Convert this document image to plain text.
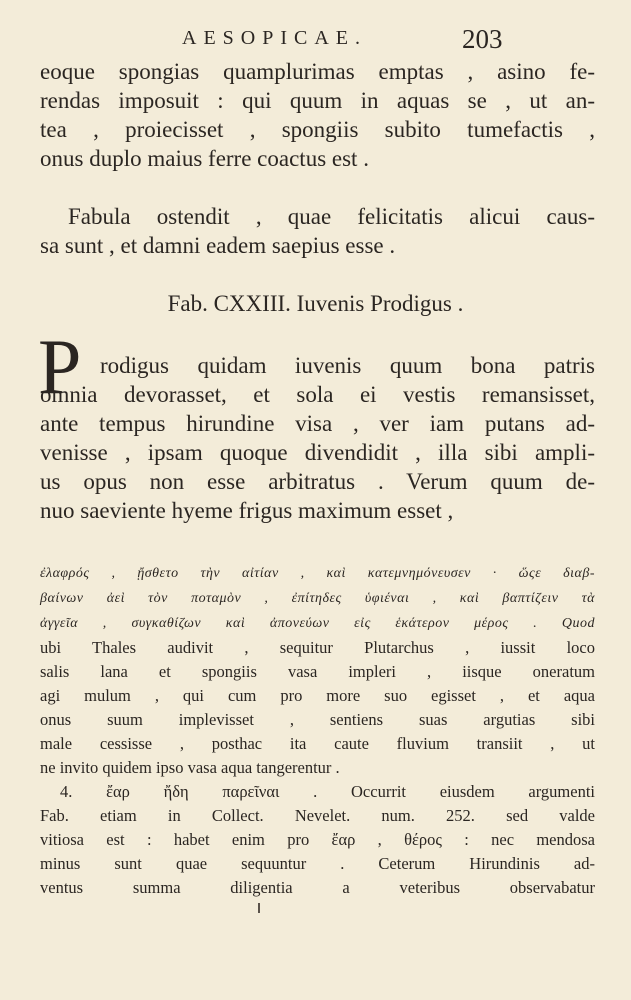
AESOPICAE.	203
eoque spongias quamplurimas emptas , asino fe-
rendas imposuit : qui quum in aquas se , ut an-
tea , proiecisset , spongiis subito tumefactis ,
onus duplo maius ferre coactus est .
Fabula ostendit , quae felicitatis alicui caus-
sa sunt , et damni eadem saepius esse .
Fab. CXXIII. Iuvenis Prodigus .
P rodigus quidam iuvenis quum bona patris
omnia devorasset, et sola ei vestis remansisset,
ante tempus hirundine visa , ver iam putans ad-
venisse , ipsam quoque divendidit , illa sibi ampli-
us opus non esse arbitratus . Verum quum de-
nuo saeviente hyeme frigus maximum esset ,
ἐλαφρός , ᾔσθετο τὴν αἰτίαν , καὶ κατεμνημόνευσεν · ὥςε διαβ-
βαίνων ἀεὶ τὸν ποταμὸν , ἐπίτηδες ὑφιέναι , καὶ βαπτίζειν τὰ
ἀγγεῖα , συγκαθίζων καὶ ἀπονεύων εἰς ἑκάτερον μέρος . Quod
ubi Thales audivit , sequitur Plutarchus , iussit loco
salis lana et spongiis vasa impleri , iisque oneratum
agi mulum , qui cum pro more suo egisset , et aqua
onus suum implevisset , sentiens suas argutias sibi
male cessisse , posthac ita caute fluvium transiit , ut
ne invito quidem ipso vasa aqua tangerentur .
4. ἔαρ ἤδη παρεῖναι . Occurrit eiusdem argumenti
Fab. etiam in Collect. Nevelet. num. 252. sed valde
vitiosa est : habet enim pro ἔαρ , θέρος : nec mendosa
minus sunt quae sequuntur . Ceterum Hirundinis ad-
ventus summa diligentia a veteribus observabatur
